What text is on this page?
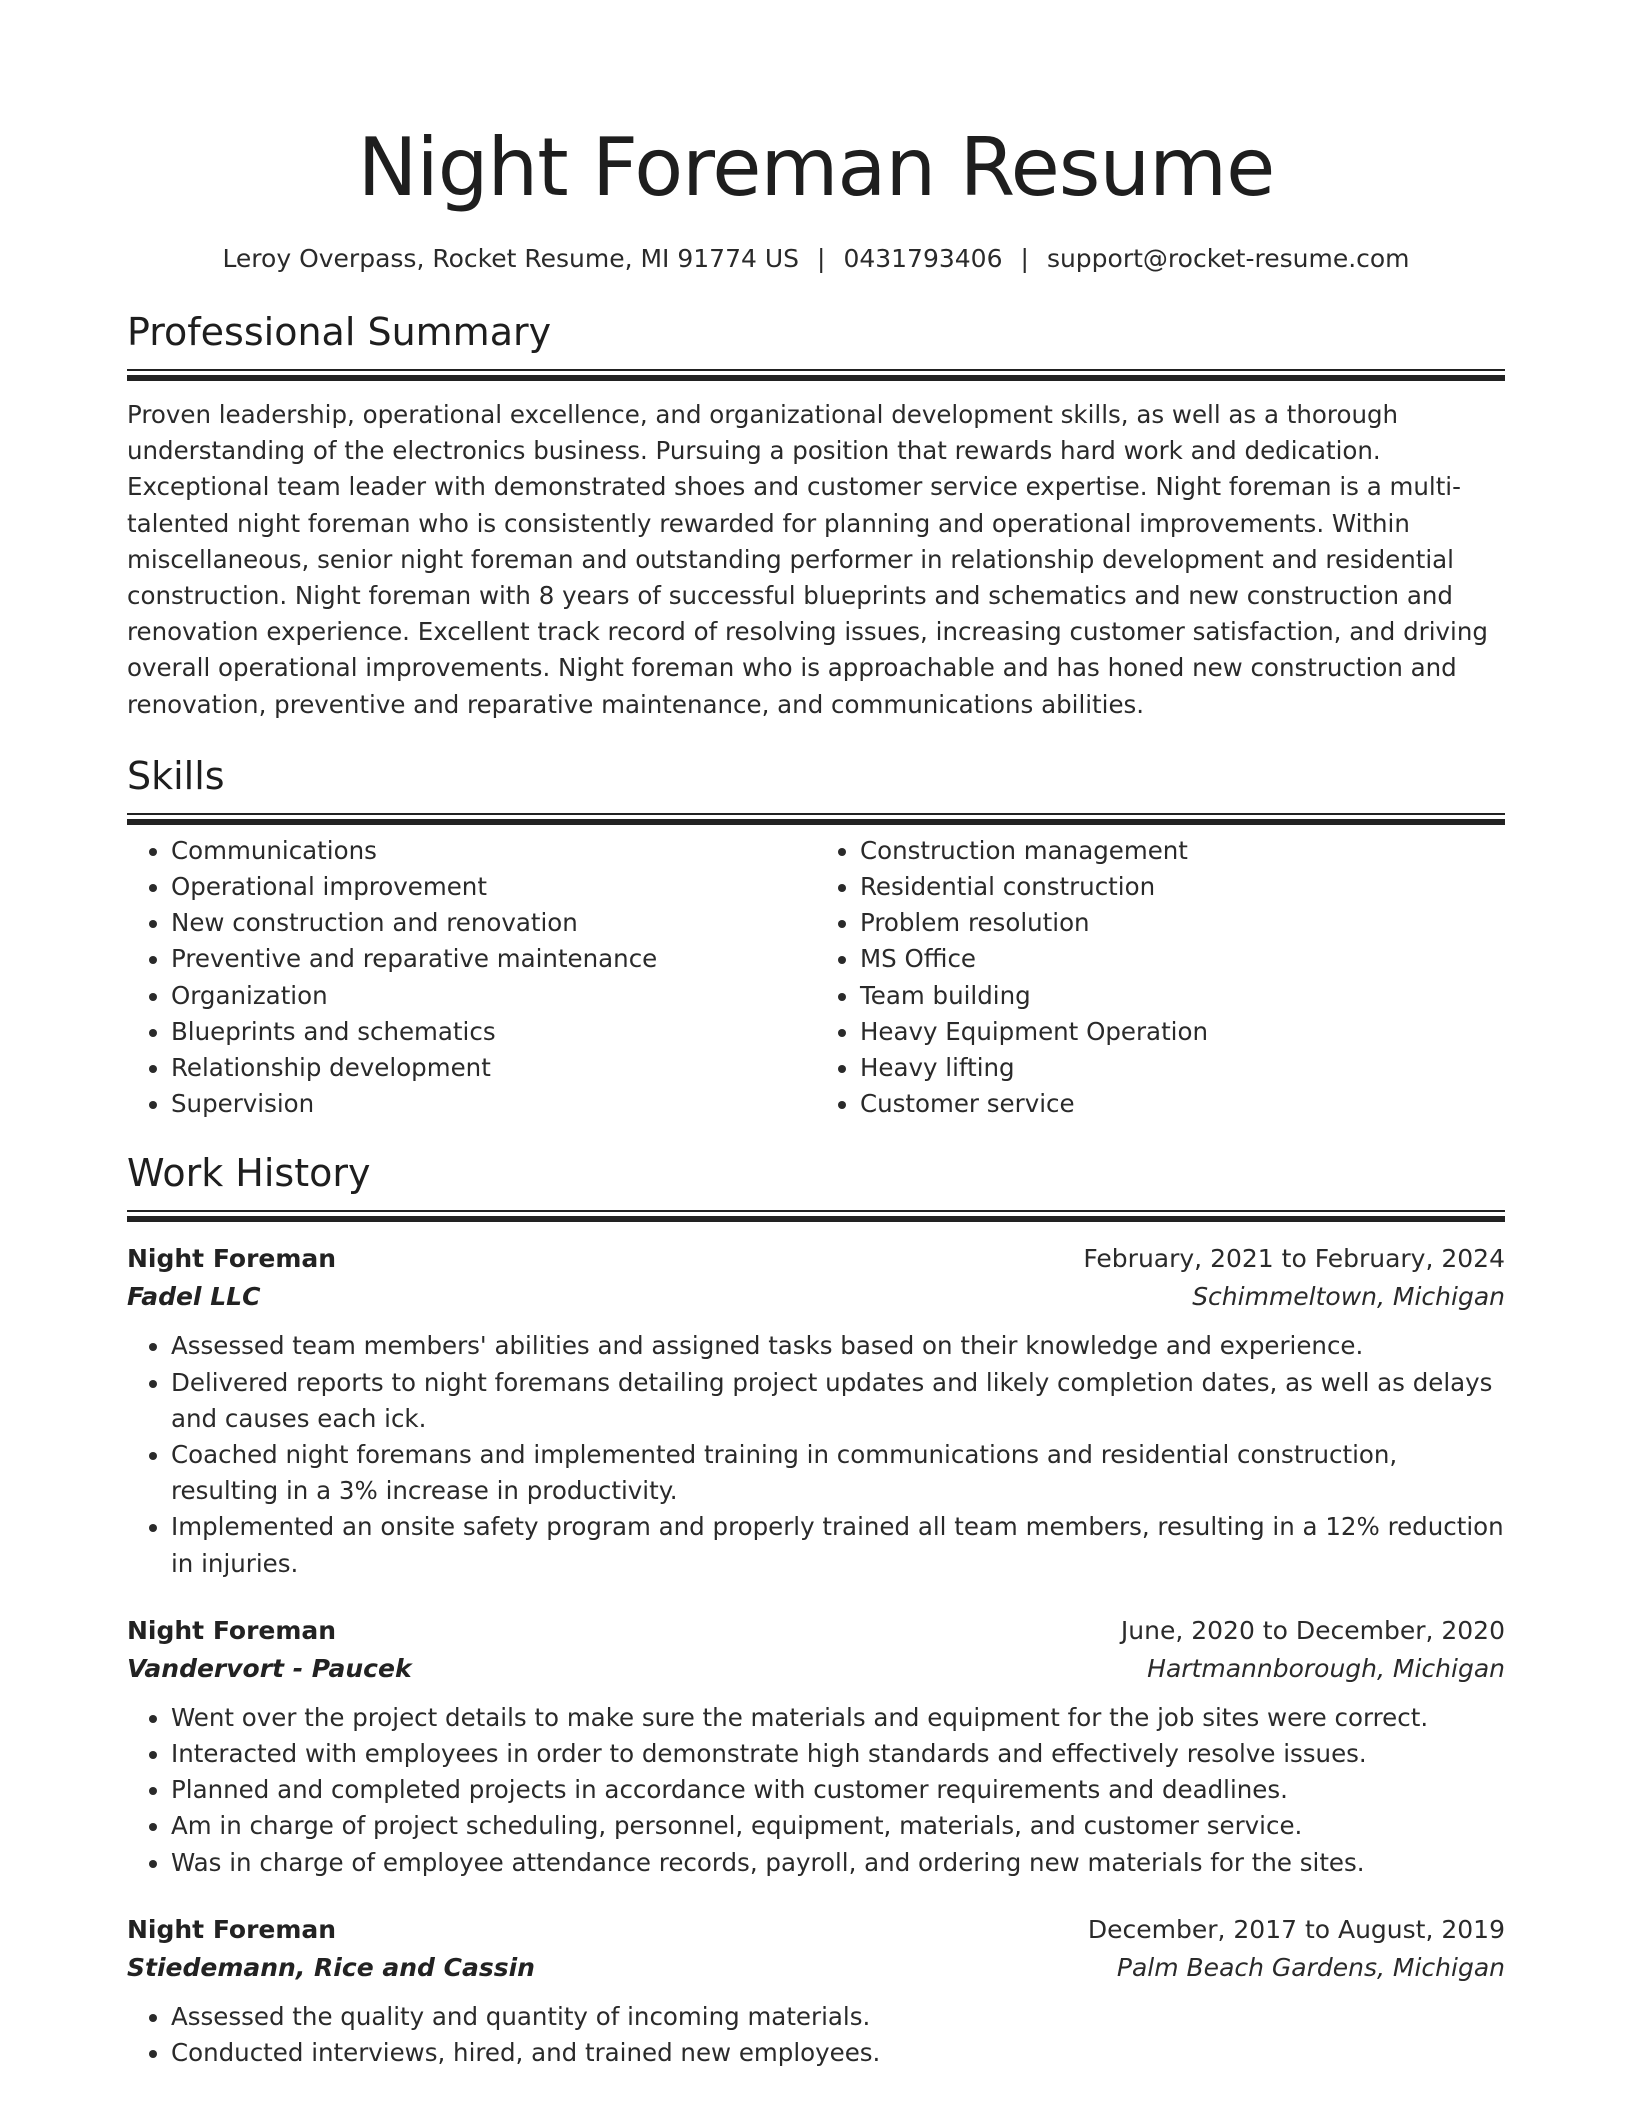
Night Foreman Resume
Leroy Overpass, Rocket Resume, MI 91774 US | 0431793406 | support@rocket-resume.com
Professional Summary

Proven leadership, operational excellence, and organizational development skills, as well as a thorough understanding of the electronics business. Pursuing a position that rewards hard work and dedication. Exceptional team leader with demonstrated shoes and customer service expertise. Night foreman is a multi-talented night foreman who is consistently rewarded for planning and operational improvements. Within miscellaneous, senior night foreman and outstanding performer in relationship development and residential construction. Night foreman with 8 years of successful blueprints and schematics and new construction and renovation experience. Excellent track record of resolving issues, increasing customer satisfaction, and driving overall operational improvements. Night foreman who is approachable and has honed new construction and renovation, preventive and reparative maintenance, and communications abilities.

Skills
• Communications
• Operational improvement
• New construction and renovation
• Preventive and reparative maintenance
• Organization
• Blueprints and schematics
• Relationship development
• Supervision
• Construction management
• Residential construction
• Problem resolution
• MS Office
• Team building
• Heavy Equipment Operation
• Heavy lifting
• Customer service
Work History
Night Foreman	February, 2021 to February, 2024
Fadel LLC	Schimmeltown, Michigan
• Assessed team members' abilities and assigned tasks based on their knowledge and experience.
• Delivered reports to night foremans detailing project updates and likely completion dates, as well as delays and causes each ick.
• Coached night foremans and implemented training in communications and residential construction, resulting in a 3% increase in productivity.
• Implemented an onsite safety program and properly trained all team members, resulting in a 12% reduction in injuries.
Night Foreman	June, 2020 to December, 2020
Vandervort - Paucek	Hartmannborough, Michigan
• Went over the project details to make sure the materials and equipment for the job sites were correct.
• Interacted with employees in order to demonstrate high standards and effectively resolve issues.
• Planned and completed projects in accordance with customer requirements and deadlines.
• Am in charge of project scheduling, personnel, equipment, materials, and customer service.
• Was in charge of employee attendance records, payroll, and ordering new materials for the sites.
Night Foreman	December, 2017 to August, 2019
Stiedemann, Rice and Cassin	Palm Beach Gardens, Michigan
• Assessed the quality and quantity of incoming materials.
• Conducted interviews, hired, and trained new employees.
